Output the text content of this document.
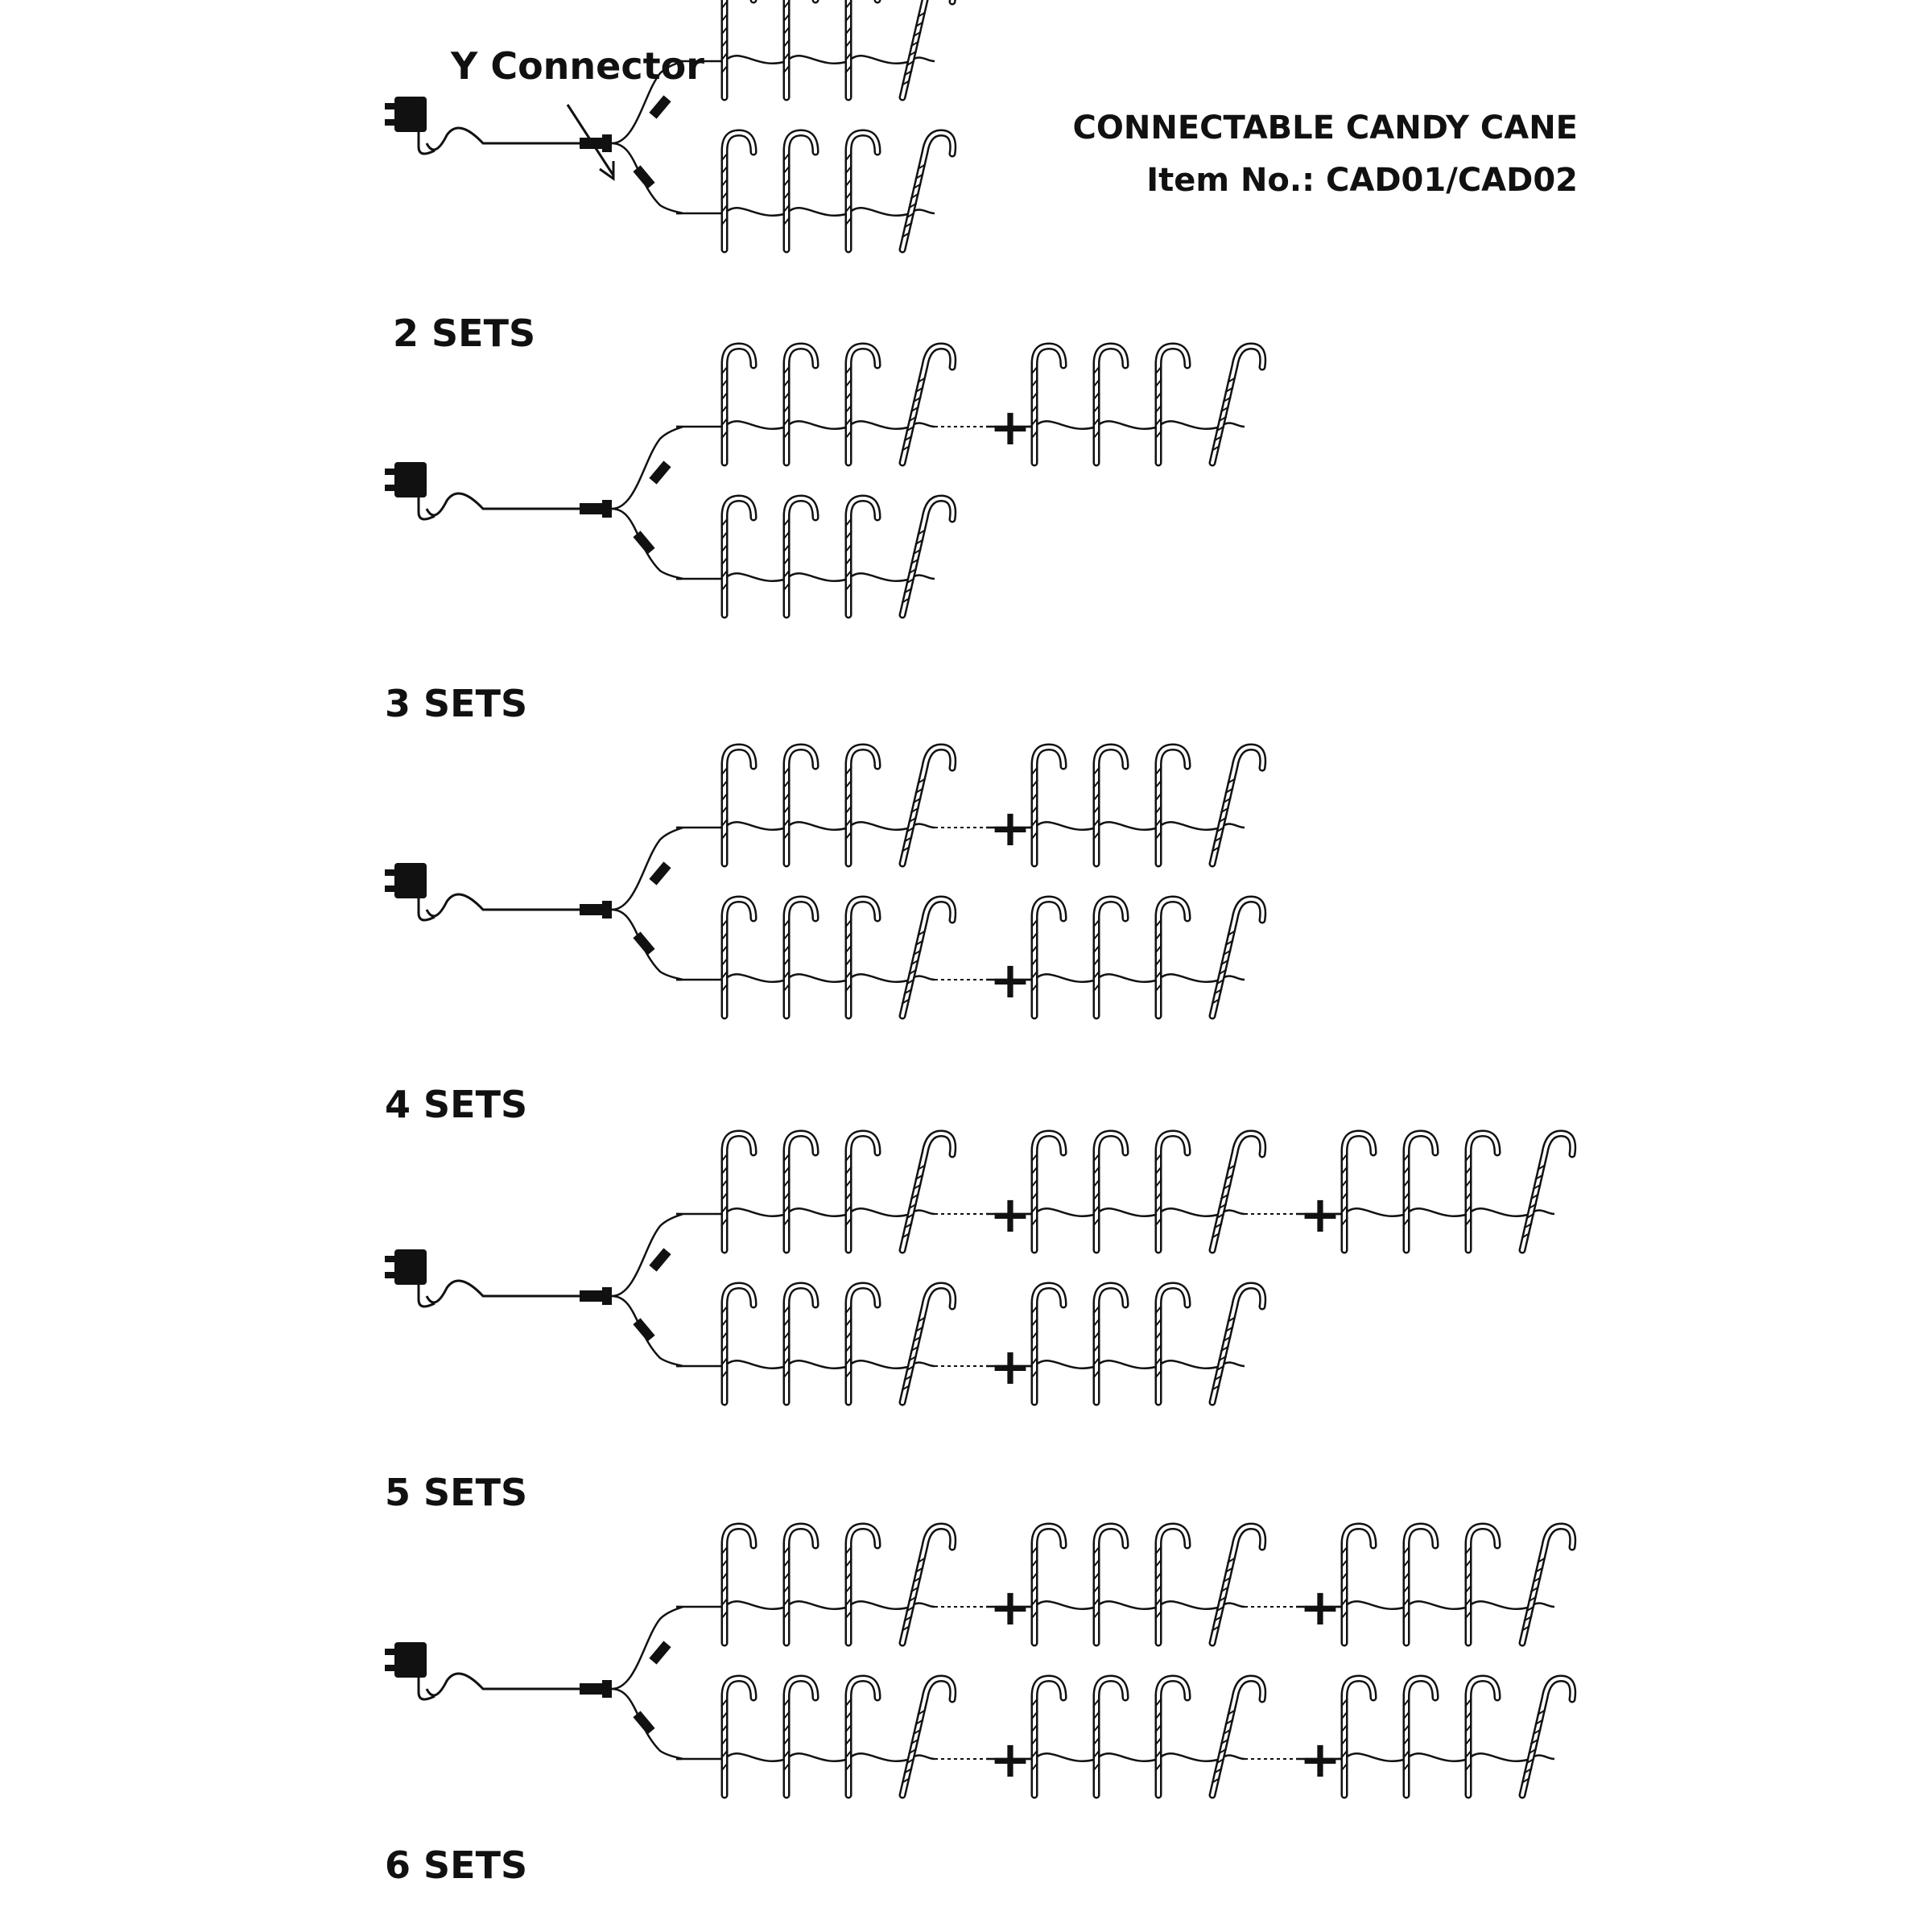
CONNECTABLE CANDY CANE
Item No.: CAD01/CAD02
Y Connector
2 SETS
3 SETS
+
4 SETS
+
+
5 SETS
+	+
+
6 SETS
+	+
+	+
